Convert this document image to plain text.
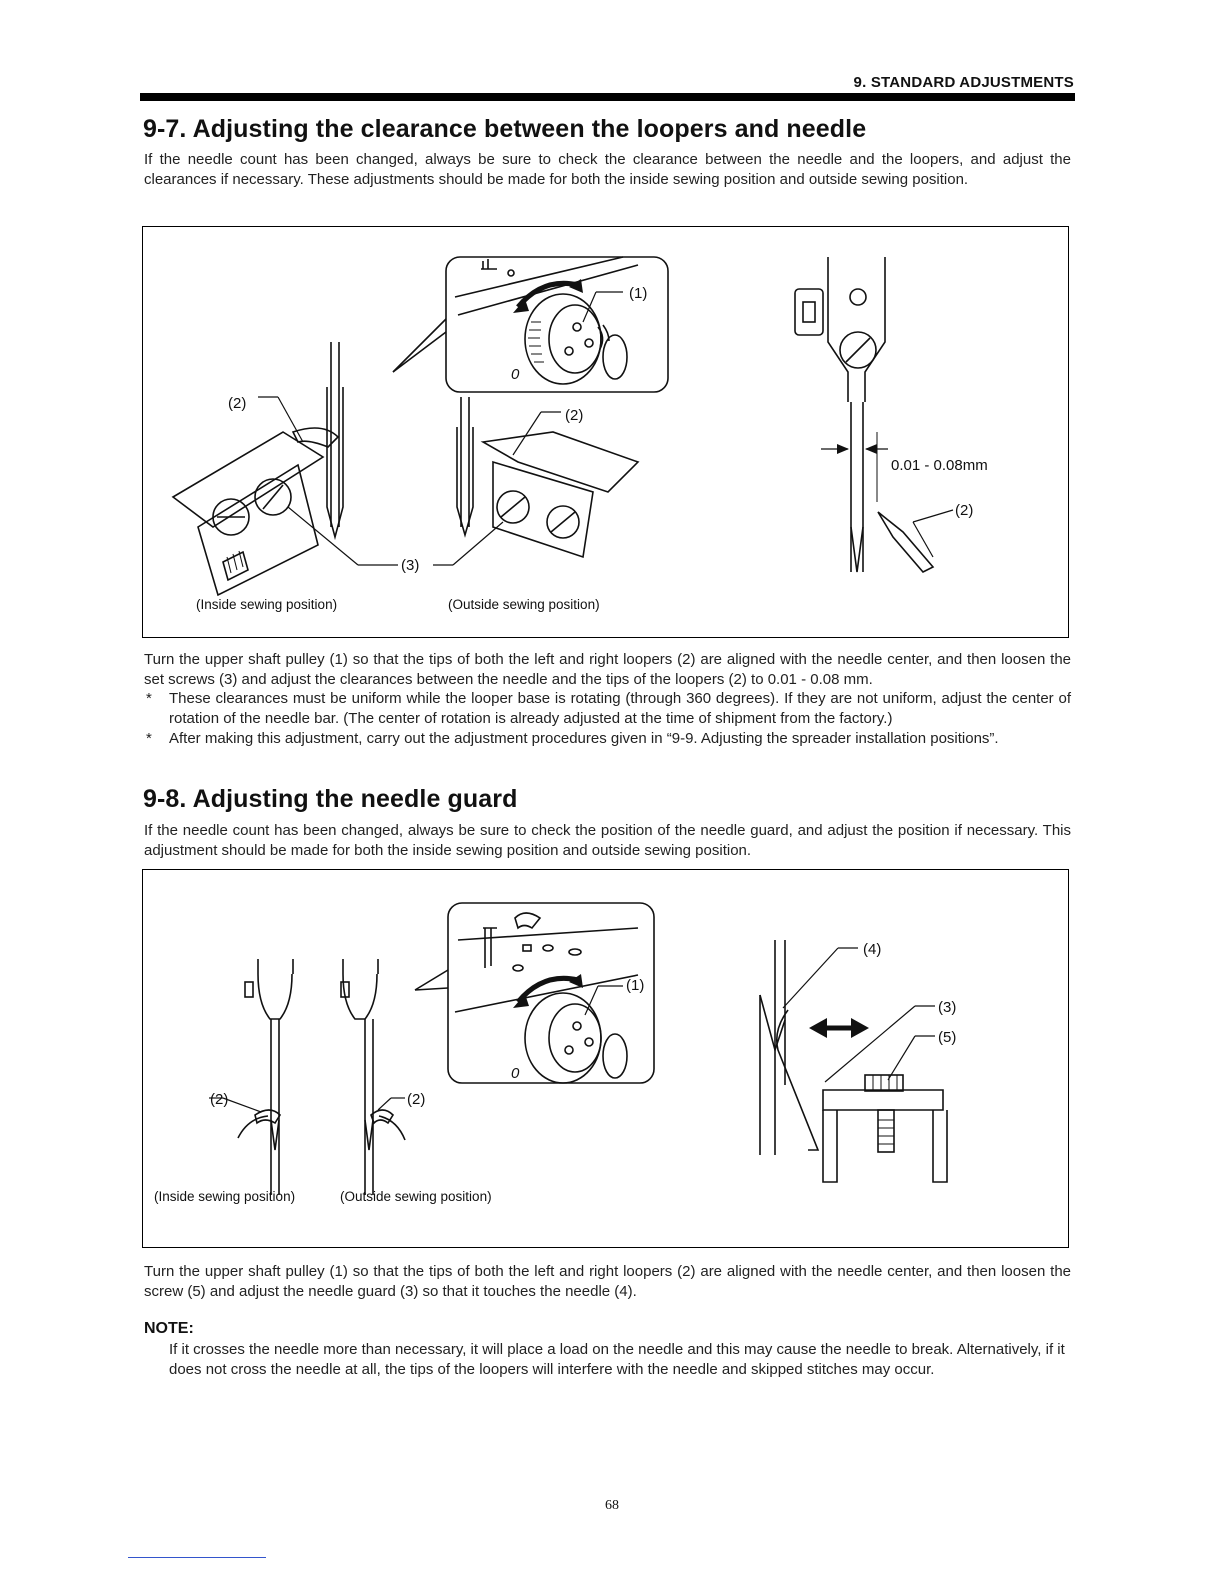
9. STANDARD ADJUSTMENTS
9-7. Adjusting the clearance between the loopers and needle

If the needle count has been changed, always be sure to check the clearance between the needle and the loopers, and adjust the clearances if necessary. These adjustments should be made for both the inside sewing position and outside sewing position.

0
(1)
(2)
(2)
(3)
0.01 - 0.08mm
(2)
(Inside sewing position)	(Outside sewing position)

Turn the upper shaft pulley (1) so that the tips of both the left and right loopers (2) are aligned with the needle center, and then loosen the set screws (3) and adjust the clearances between the needle and the tips of the loopers (2) to 0.01 - 0.08 mm.

* These clearances must be uniform while the looper base is rotating (through 360 degrees). If they are not uniform, adjust the center of rotation of the needle bar. (The center of rotation is already adjusted at the time of shipment from the factory.)
* After making this adjustment, carry out the adjustment procedures given in “9-9. Adjusting the spreader installation positions”.
9-8. Adjusting the needle guard

If the needle count has been changed, always be sure to check the position of the needle guard, and adjust the position if necessary. This adjustment should be made for both the inside sewing position and outside sewing position.

0
(1)
(2)	(2)
(4)
(3)
(5)
(Inside sewing position)	(Outside sewing position)

Turn the upper shaft pulley (1) so that the tips of both the left and right loopers (2) are aligned with the needle center, and then loosen the screw (5) and adjust the needle guard (3) so that it touches the needle (4).

NOTE:

If it crosses the needle more than necessary, it will place a load on the needle and this may cause the needle to break. Alternatively, if it does not cross the needle at all, the tips of the loopers will interfere with the needle and skipped stitches may occur.

68
